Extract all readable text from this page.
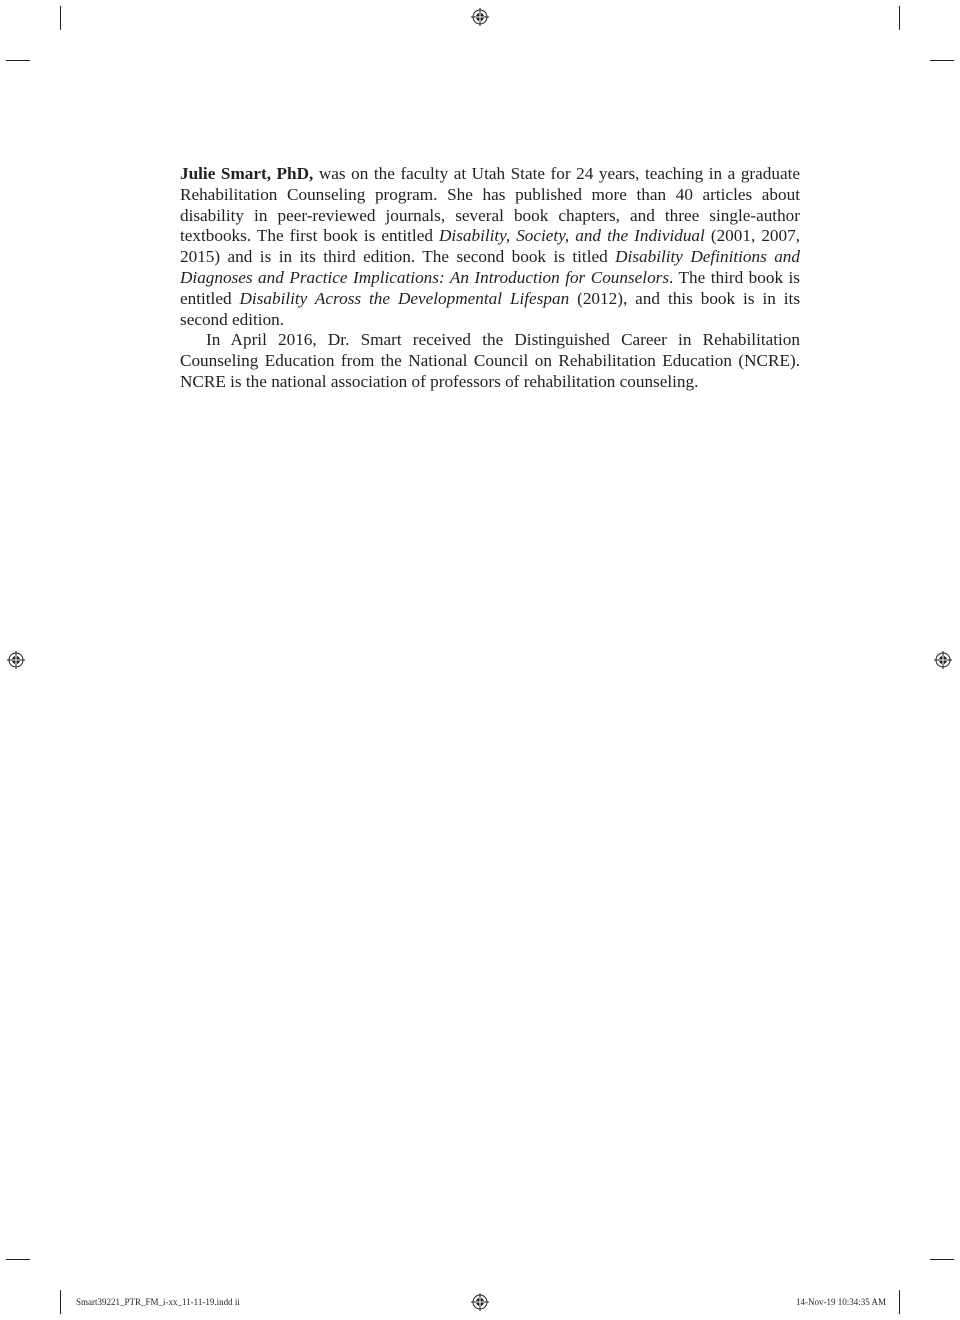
Julie Smart, PhD, was on the faculty at Utah State for 24 years, teaching in a graduate Rehabilitation Counseling program. She has published more than 40 articles about disability in peer-reviewed journals, several book chapters, and three single-author textbooks. The first book is entitled Disability, Society, and the Individual (2001, 2007, 2015) and is in its third edition. The second book is titled Disability Definitions and Diagnoses and Practice Implications: An Introduction for Counselors. The third book is entitled Disability Across the Developmental Lifespan (2012), and this book is in its second edition.

In April 2016, Dr. Smart received the Distinguished Career in Rehabilitation Counseling Education from the National Council on Rehabilitation Education (NCRE). NCRE is the national association of professors of rehabilitation counseling.

Smart39221_PTR_FM_i-xx_11-11-19.indd ii	14-Nov-19 10:34:35 AM
